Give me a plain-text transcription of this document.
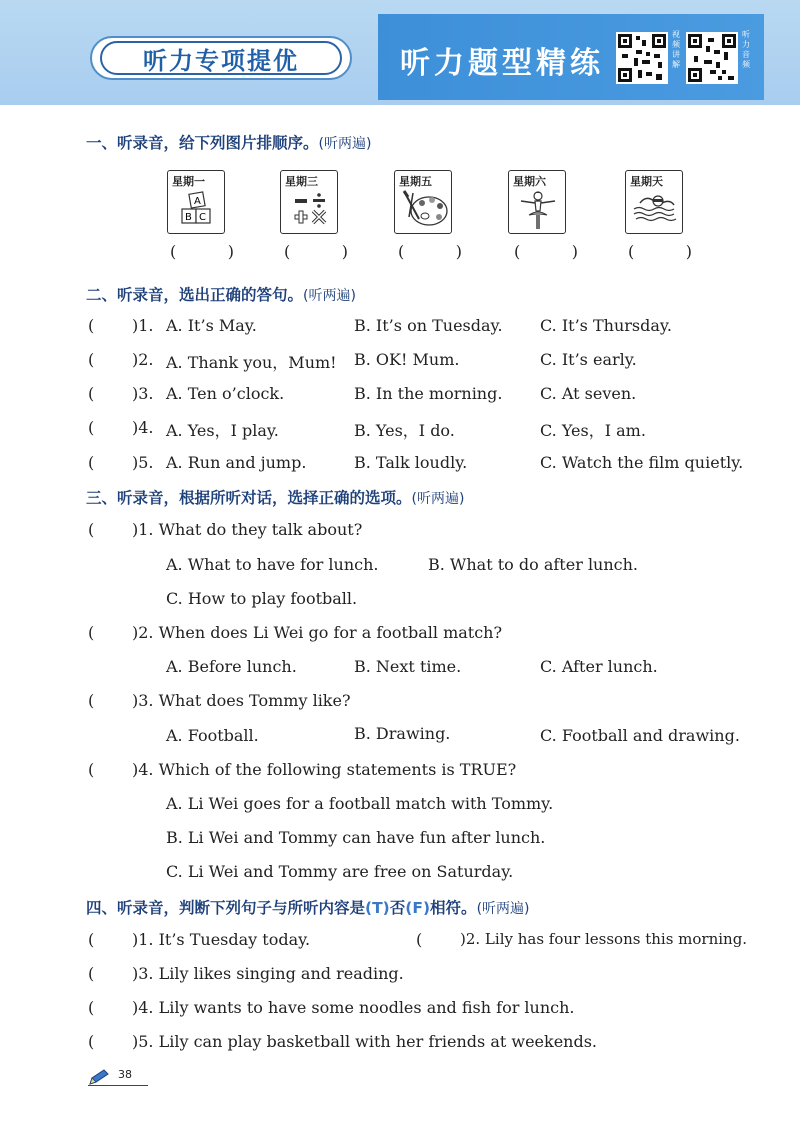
听力专项提优	听力题型精练
视频讲解
听力音频
一、听录音，给下列图片排顺序。(听两遍)
星期一
A
B C
星期三	星期五	星期六	星期天
(	)	(	)	(	)	(	)	(	)
二、听录音，选出正确的答句。(听两遍)
( )1. A. It’s May.	B. It’s on Tuesday. C. It’s Thursday.
( )2. A. Thank you，Mum! B. OK! Mum.	C. It’s early.
( )3. A. Ten o’clock.	B. In the morning. C. At seven.
( )4. A. Yes，I play.	B. Yes，I do.	C. Yes，I am.
( )5. A. Run and jump.	B. Talk loudly.	C. Watch the film quietly.
三、听录音，根据所听对话，选择正确的选项。(听两遍)
( )1. What do they talk about?
A. What to have for lunch.	B. What to do after lunch.
C. How to play football.
( )2. When does Li Wei go for a football match?
A. Before lunch.	B. Next time.	C. After lunch.
( )3. What does Tommy like?
A. Football.	B. Drawing.	C. Football and drawing.
( )4. Which of the following statements is TRUE?
A. Li Wei goes for a football match with Tommy.
B. Li Wei and Tommy can have fun after lunch.
C. Li Wei and Tommy are free on Saturday.
四、听录音，判断下列句子与所听内容是(T)否(F)相符。(听两遍)
( )1. It’s Tuesday today.	(	)2. Lily has four lessons this morning.
( )3. Lily likes singing and reading.
( )4. Lily wants to have some noodles and fish for lunch.
( )5. Lily can play basketball with her friends at weekends.
38
